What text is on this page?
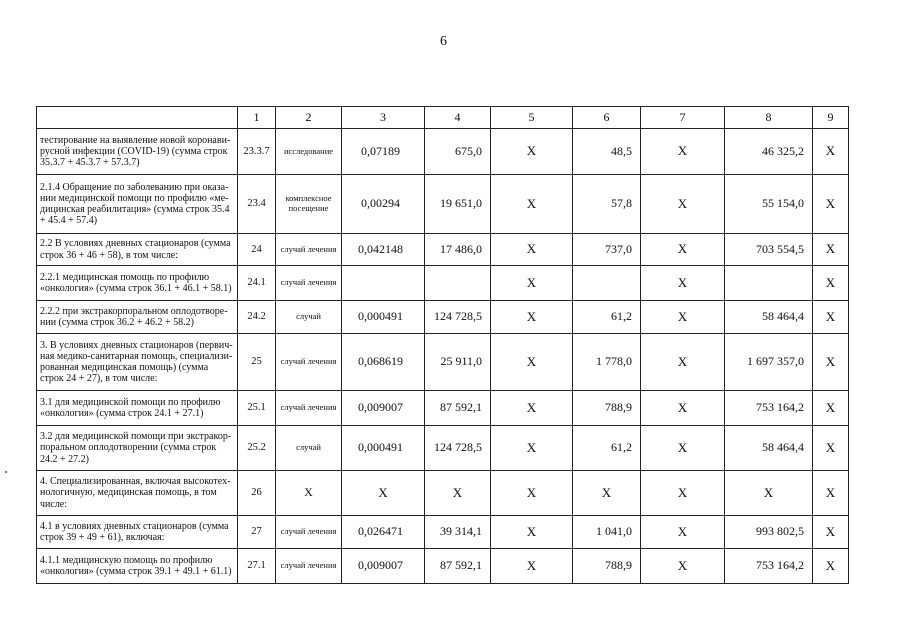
6
	1	2	3	4	5	6	7	8	9
тестирование на выявление новой коронави-русной инфекции (COVID-19) (сумма строк 35.3.7 + 45.3.7 + 57.3.7)	23.3.7	исследование	0,07189	675,0	X	48,5	X	46 325,2	X
2.1.4 Обращение по заболеванию при оказа-нии медицинской помощи по профилю «ме-дицинская реабилитация» (сумма строк 35.4 + 45.4 + 57.4)	23.4	комплексное посещение	0,00294	19 651,0	X	57,8	X	55 154,0	X
2.2 В условиях дневных стационаров (сумма строк 36 + 46 + 58), в том числе:	24	случай лечения	0,042148	17 486,0	X	737,0	X	703 554,5	X
2.2.1 медицинская помощь по профилю «онкология» (сумма строк 36.1 + 46.1 + 58.1)	24.1	случай лечения			X		X		X
2.2.2 при экстракорпоральном оплодотворе-нии (сумма строк 36.2 + 46.2 + 58.2)	24.2	случай	0,000491	124 728,5	X	61,2	X	58 464,4	X
3. В условиях дневных стационаров (первич-ная медико-санитарная помощь, специализи-рованная медицинская помощь) (сумма строк 24 + 27), в том числе:	25	случай лечения	0,068619	25 911,0	X	1 778,0	X	1 697 357,0	X
3.1 для медицинской помощи по профилю «онкология» (сумма строк 24.1 + 27.1)	25.1	случай лечения	0,009007	87 592,1	X	788,9	X	753 164,2	X
3.2 для медицинской помощи при экстракор-поральном оплодотворении (сумма строк 24.2 + 27.2)	25.2	случай	0,000491	124 728,5	X	61,2	X	58 464,4	X
4. Специализированная, включая высокотех-нологичную, медицинская помощь, в том числе:	26	X	X	X	X	X	X	X	X
4.1 в условиях дневных стационаров (сумма строк 39 + 49 + 61), включая:	27	случай лечения	0,026471	39 314,1	X	1 041,0	X	993 802,5	X
4.1.1 медицинскую помощь по профилю «онкология» (сумма строк 39.1 + 49.1 + 61.1)	27.1	случай лечения	0,009007	87 592,1	X	788,9	X	753 164,2	X
